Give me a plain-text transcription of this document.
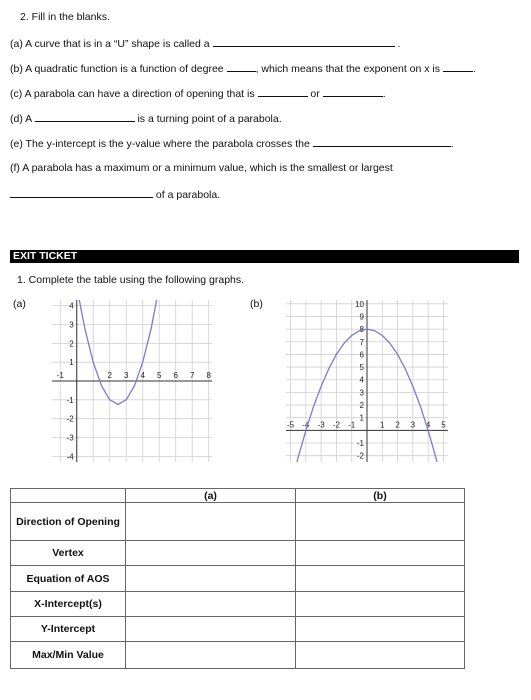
2. Fill in the blanks.
(a) A curve that is in a “U” shape is called a	.
(b) A quadratic function is a function of degree	, which means that the exponent on x is	.
(c) A parabola can have a direction of opening that is	or	.
(d) A	is a turning point of a parabola.
(e) The y-intercept is the y-value where the parabola crosses the	.
(f) A parabola has a maximum or a minimum value, which is the smallest or largest
of a parabola.
EXIT TICKET
1. Complete the table using the following graphs.
(a)	(b)
-1	2 3 4 5 6 7 8
4
3
2
1
-1
-2
-3
-4
-5 -4 -3 -2 -1	1 2 3 4 5
10
9
8
7
6
5
4
3
2
1
-1
-2
	(a)	(b)
Direction of Opening		
Vertex		
Equation of AOS		
X-Intercept(s)		
Y-Intercept		
Max/Min Value		
